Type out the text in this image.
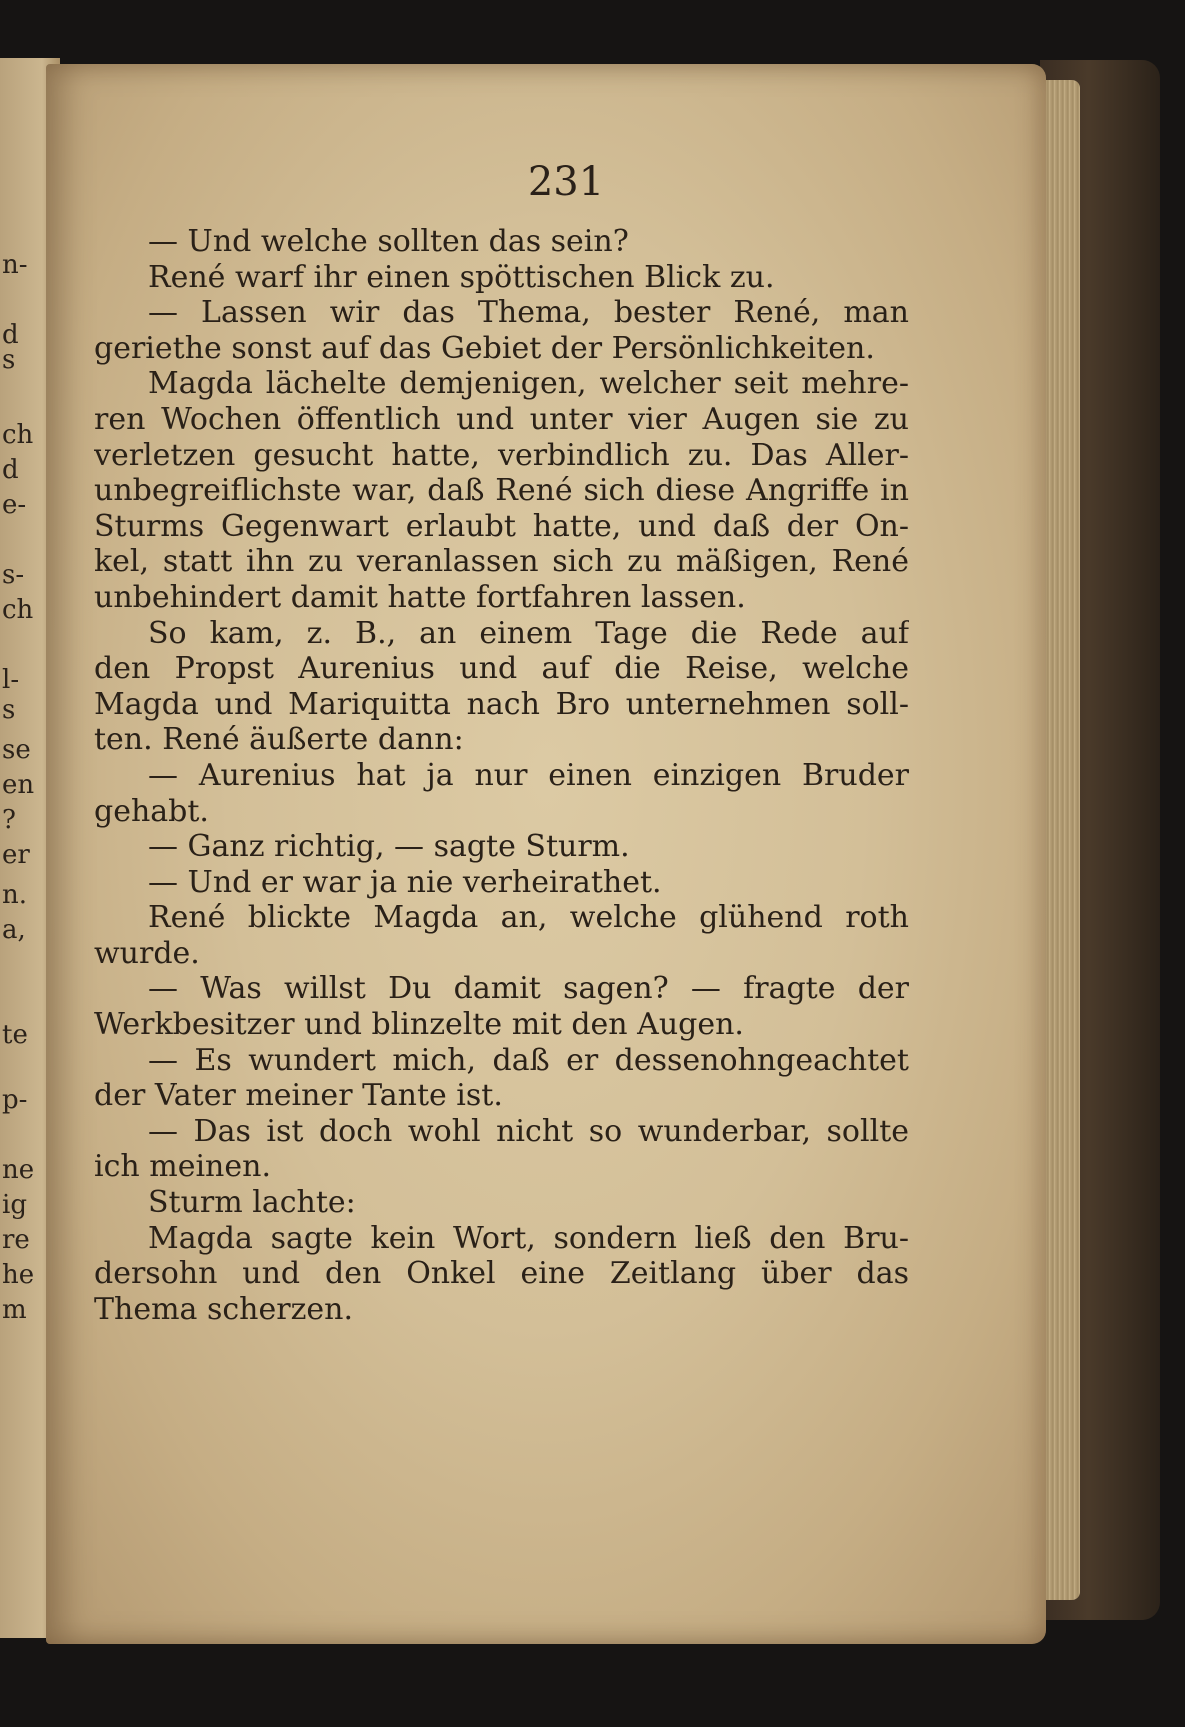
n-
d
s
ch
d
e-
s-
ch
l-
s
se
en
?
er
n.
a,
te
p-
ne
ig
re
he
m
231
— Und welche sollten das sein?
René warf ihr einen spöttischen Blick zu.
— Lassen wir das Thema, bester René, man
geriethe sonst auf das Gebiet der Persönlichkeiten.
Magda lächelte demjenigen, welcher seit mehre-
ren Wochen öffentlich und unter vier Augen sie zu
verletzen gesucht hatte, verbindlich zu. Das Aller-
unbegreiflichste war, daß René sich diese Angriffe in
Sturms Gegenwart erlaubt hatte, und daß der On-
kel, statt ihn zu veranlassen sich zu mäßigen, René
unbehindert damit hatte fortfahren lassen.
So kam, z. B., an einem Tage die Rede auf
den Propst Aurenius und auf die Reise, welche
Magda und Mariquitta nach Bro unternehmen soll-
ten. René äußerte dann:
— Aurenius hat ja nur einen einzigen Bruder
gehabt.
— Ganz richtig, — sagte Sturm.
— Und er war ja nie verheirathet.
René blickte Magda an, welche glühend roth
wurde.
— Was willst Du damit sagen? — fragte der
Werkbesitzer und blinzelte mit den Augen.
— Es wundert mich, daß er dessenohngeachtet
der Vater meiner Tante ist.
— Das ist doch wohl nicht so wunderbar, sollte
ich meinen.
Sturm lachte:
Magda sagte kein Wort, sondern ließ den Bru-
dersohn und den Onkel eine Zeitlang über das
Thema scherzen.
